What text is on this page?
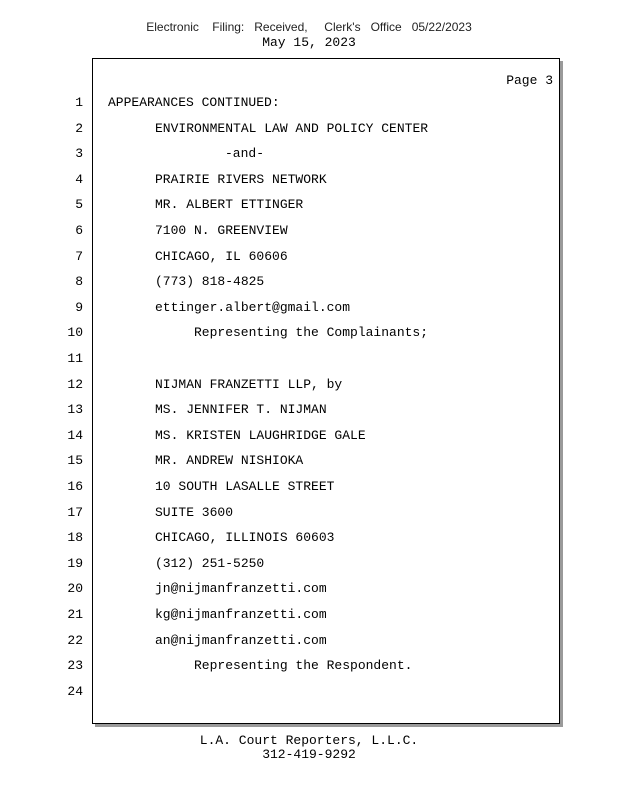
Electronic    Filing:   Received,     Clerk's   Office   05/22/2023
May 15, 2023
Page 3
1 APPEARANCES CONTINUED:
2	ENVIRONMENTAL LAW AND POLICY CENTER
3	-and-
4	PRAIRIE RIVERS NETWORK
5	MR. ALBERT ETTINGER
6	7100 N. GREENVIEW
7	CHICAGO, IL 60606
8	(773) 818-4825
9	ettinger.albert@gmail.com
10	Representing the Complainants;
11
12	NIJMAN FRANZETTI LLP, by
13	MS. JENNIFER T. NIJMAN
14	MS. KRISTEN LAUGHRIDGE GALE
15	MR. ANDREW NISHIOKA
16	10 SOUTH LASALLE STREET
17	SUITE 3600
18	CHICAGO, ILLINOIS 60603
19	(312) 251-5250
20	jn@nijmanfranzetti.com
21	kg@nijmanfranzetti.com
22	an@nijmanfranzetti.com
23	Representing the Respondent.
24
L.A. Court Reporters, L.L.C.
312-419-9292
